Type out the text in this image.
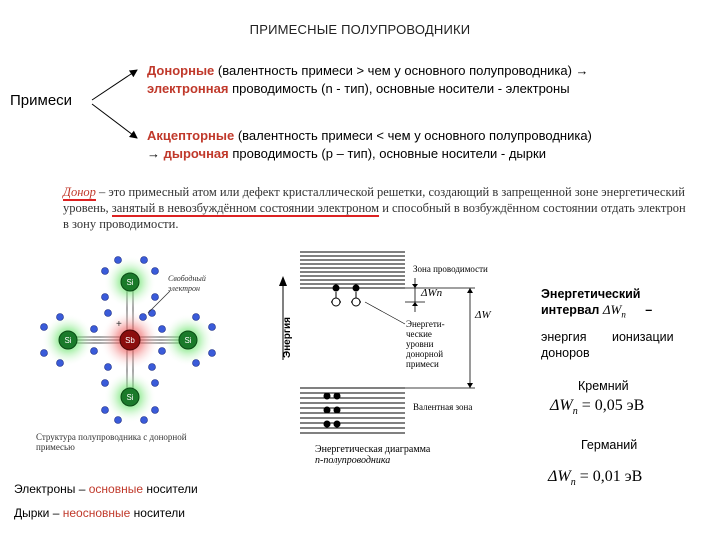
ПРИМЕСНЫЕ ПОЛУПРОВОДНИКИ
Примеси
Донорные (валентность примеси > чем у основного полупроводника) →
электронная проводимость (n - тип), основные носители - электроны
Акцепторные (валентность примеси < чем у основного полупроводника)
→ дырочная проводимость (p – тип), основные носители - дырки
Донор – это примесный атом или дефект кристаллической решетки, создающий в запрещенной зоне энергетический уровень, занятый в невозбуждённом состоянии электроном и способный в возбуждённом состоянии отдать электрон в зону проводимости.
Si
Si	Si
Si
Sb
+
Свободный
электрон
Структура полупроводника с донорной примесью
Энергия
ΔWn
ΔW
Зона проводимости
Валентная зона
Энергети-
ческие
уровни
донорной
примеси
Энергетическая диаграмма
n-полупроводника
Энергетический
интервал $\Delta W_n$ –
энергия ионизации
доноров
Кремний
$\Delta W_n = 0,05$ эВ
Германий
$\Delta W_n = 0,01$ эВ
Электроны – основные носители
Дырки – неосновные носители
